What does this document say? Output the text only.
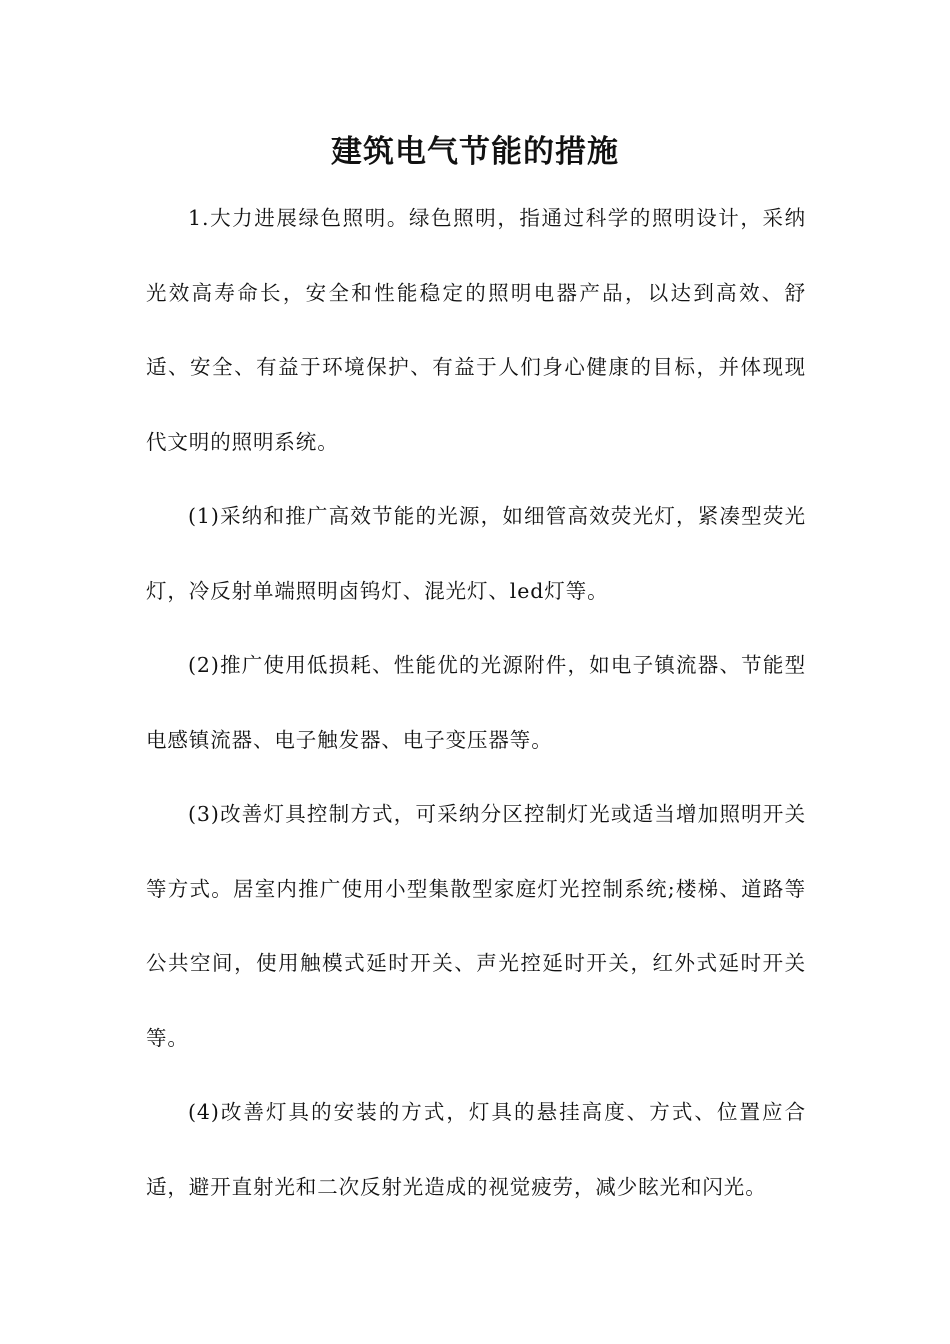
建筑电气节能的措施

1.大力进展绿色照明。绿色照明，指通过科学的照明设计，采纳光效高寿命长，安全和性能稳定的照明电器产品，以达到高效、舒适、安全、有益于环境保护、有益于人们身心健康的目标，并体现现代文明的照明系统。

(1)采纳和推广高效节能的光源，如细管高效荧光灯，紧凑型荧光灯，冷反射单端照明卤钨灯、混光灯、led灯等。

(2)推广使用低损耗、性能优的光源附件，如电子镇流器、节能型电感镇流器、电子触发器、电子变压器等。

(3)改善灯具控制方式，可采纳分区控制灯光或适当增加照明开关等方式。居室内推广使用小型集散型家庭灯光控制系统;楼梯、道路等公共空间，使用触模式延时开关、声光控延时开关，红外式延时开关等。

(4)改善灯具的安装的方式，灯具的悬挂高度、方式、位置应合适，避开直射光和二次反射光造成的视觉疲劳，减少眩光和闪光。
